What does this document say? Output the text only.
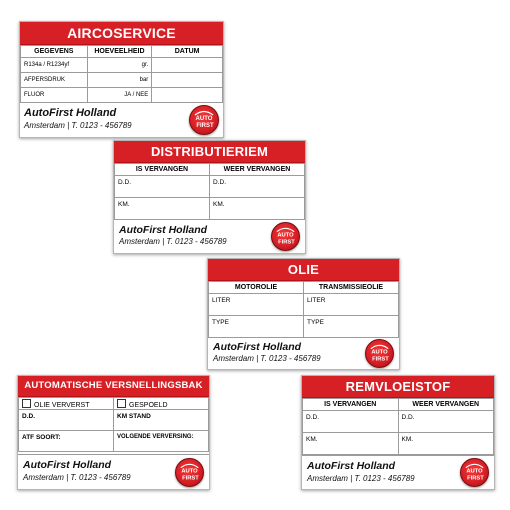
AIRCOSERVICE
GEGEVENS	HOEVEELHEID	DATUM
R134a / R1234yf	gr.	
AFPERSDRUK	bar	
FLUOR	JA / NEE	
AutoFirst Holland
Amsterdam | T. 0123 - 456789
AUTO
FIRST
DISTRIBUTIERIEM
IS VERVANGEN	WEER VERVANGEN
D.D.	D.D.
KM.	KM.
AutoFirst Holland
Amsterdam | T. 0123 - 456789
AUTO
FIRST
OLIE
MOTOROLIE	TRANSMISSIEOLIE
LITER	LITER
TYPE	TYPE
AutoFirst Holland
Amsterdam | T. 0123 - 456789
AUTO
FIRST
AUTOMATISCHE VERSNELLINGSBAK
OLIE VERVERST	GESPOELD
D.D.	KM STAND
ATF SOORT:	VOLGENDE VERVERSING:
AutoFirst Holland
Amsterdam | T. 0123 - 456789
AUTO
FIRST
REMVLOEISTOF
IS VERVANGEN	WEER VERVANGEN
D.D.	D.D.
KM.	KM.
AutoFirst Holland
Amsterdam | T. 0123 - 456789
AUTO
FIRST
